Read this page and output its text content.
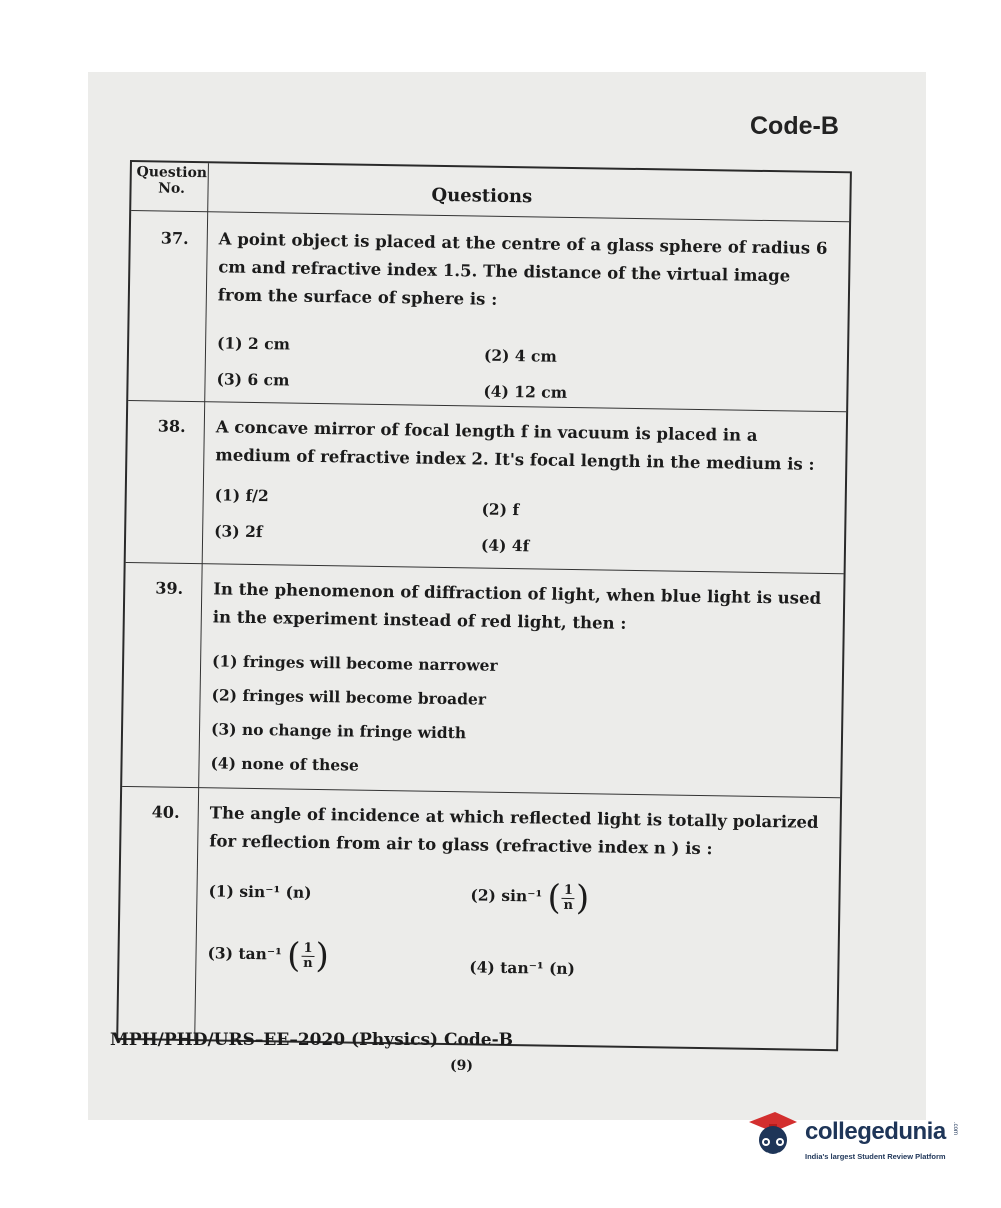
Code-B
Question No.	Questions
37. A point object is placed at the centre of a glass sphere of radius 6 cm and refractive index 1.5. The distance of the virtual image from the surface of sphere is :
(1) 2 cm
(2) 4 cm
(3) 6 cm
(4) 12 cm
38. A concave mirror of focal length f in vacuum is placed in a medium of refractive index 2. It's focal length in the medium is :
(1) f/2
(2) f
(3) 2f
(4) 4f
39. In the phenomenon of diffraction of light, when blue light is used in the experiment instead of red light, then :
(1) fringes will become narrower
(2) fringes will become broader
(3) no change in fringe width
(4) none of these
40. The angle of incidence at which reflected light is totally polarized for reflection from air to glass (refractive index n ) is :
(1) sin⁻¹ (n)	(2) sin⁻¹ ( $\frac{1}{n}$ )
(3) tan⁻¹ ( $\frac{1}{n}$ )	(4) tan⁻¹ (n)
MPH/PHD/URS–EE–2020 (Physics) Code-B
(9)
collegedunia .com
India's largest Student Review Platform
